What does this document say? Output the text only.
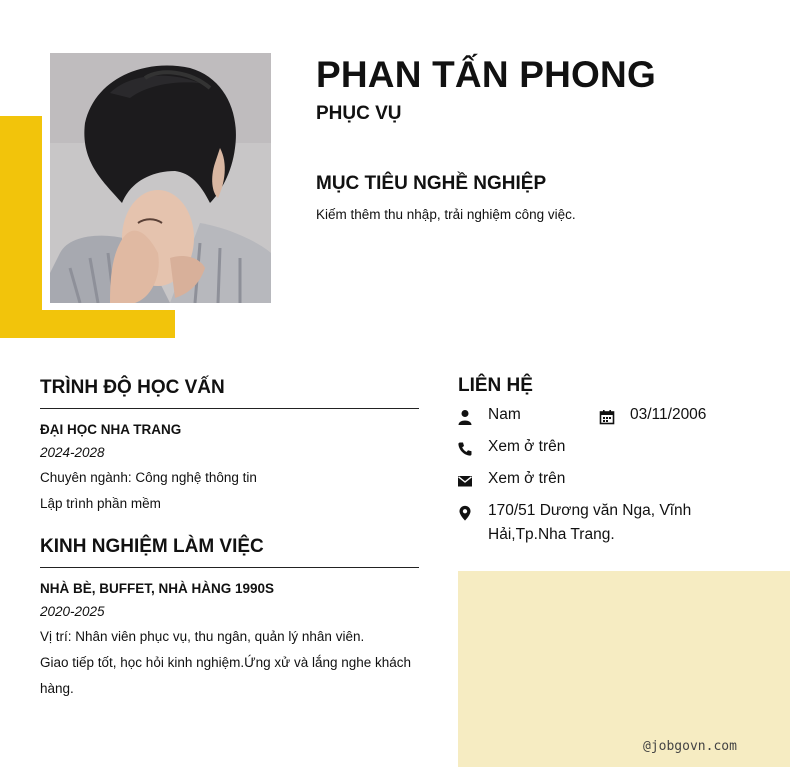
PHAN TẤN PHONG
PHỤC VỤ
MỤC TIÊU NGHỀ NGHIỆP
Kiếm thêm thu nhập, trải nghiệm công việc.
TRÌNH ĐỘ HỌC VẤN
ĐẠI HỌC NHA TRANG
2024-2028
Chuyên ngành: Công nghệ thông tin
Lập trình phần mềm
KINH NGHIỆM LÀM VIỆC
NHÀ BÈ, BUFFET, NHÀ HÀNG 1990S
2020-2025
Vị trí: Nhân viên phục vụ, thu ngân, quản lý nhân viên.
Giao tiếp tốt, học hỏi kinh nghiệm.Ứng xử và lắng nghe khách hàng.
LIÊN HỆ
Nam	03/11/2006
Xem ở trên
Xem ở trên
170/51 Dương văn Nga, Vĩnh Hải,Tp.Nha Trang.
@jobgovn.com
